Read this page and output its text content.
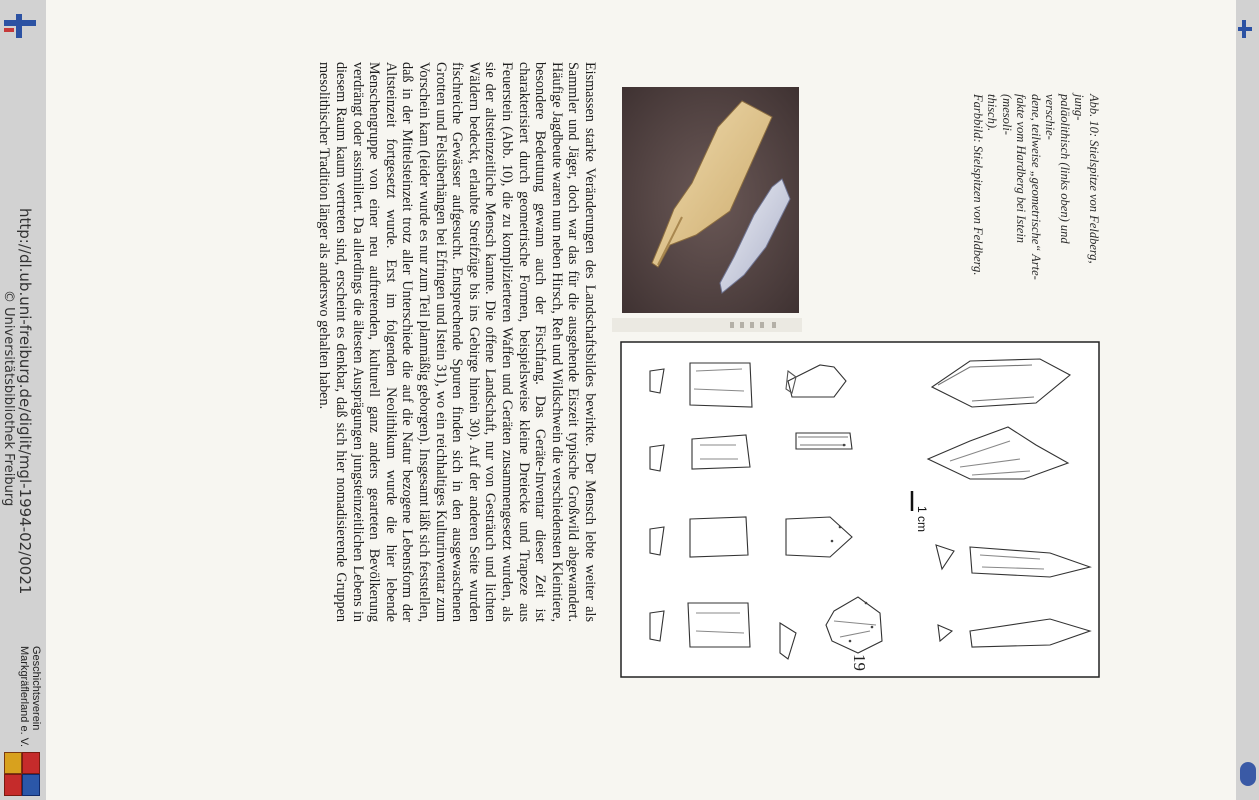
http://dl.ub.uni-freiburg.de/diglit/mgl-1994-02/0021
© Universitätsbibliothek Freiburg
Geschichtsverein
Markgräflerland e. V.
1 cm
Abb. 10: Stielspitze von Feldberg, jung-
paläolithisch (links oben) und verschie-
dene, teilweise „geometrische“ Arte-
fakte vom Hardberg bei Istein (mesoli-
thisch).
Farbbild: Stielspitzen von Feldberg.

Eismassen starke Veränderungen des Landschaftsbildes bewirkte. Der Mensch lebte weiter als Sammler und Jäger, doch war das für die ausgehende Eiszeit typische Großwild abgewandert. Häufige Jagdbeute waren nun neben Hirsch, Reh und Wildschwein die verschiedensten Kleintiere, besondere Bedeutung gewann auch der Fischfang. Das Geräte-Inventar dieser Zeit ist charakterisiert durch geometrische Formen, beispielsweise kleine Dreiecke und Trapeze aus Feuerstein (Abb. 10), die zu komplizierteren Waffen und Geräten zusammengesetzt wurden, als sie der altsteinzeitliche Mensch kannte. Die offene Landschaft, nur von Gesträuch und lichten Wäldern bedeckt, erlaubte Streifzüge bis ins Gebirge hinein 30). Auf der anderen Seite wurden fischreiche Gewässer aufgesucht. Entsprechende Spuren finden sich in den ausgewaschenen Grotten und Felsüberhängen bei Efringen und Istein 31), wo ein reichhaltiges Kulturinventar zum Vorschein kam (leider wurde es nur zum Teil planmäßig geborgen). Insgesamt läßt sich feststellen, daß in der Mittelsteinzeit trotz aller Unterschiede die auf die Natur bezogene Lebensform der Altsteinzeit fortgesetzt wurde. Erst im folgenden Neolithikum wurde die hier lebende Menschengruppe von einer neu auftretenden, kulturell ganz anders gearteten Bevölkerung verdrängt oder assimiliert. Da allerdings die ältesten Ausprägungen jungsteinzeitlichen Lebens in diesem Raum kaum vertreten sind, erscheint es denkbar, daß sich hier nomadisierende Gruppen mesolithischer Tradition länger als anderswo gehalten haben.

19
